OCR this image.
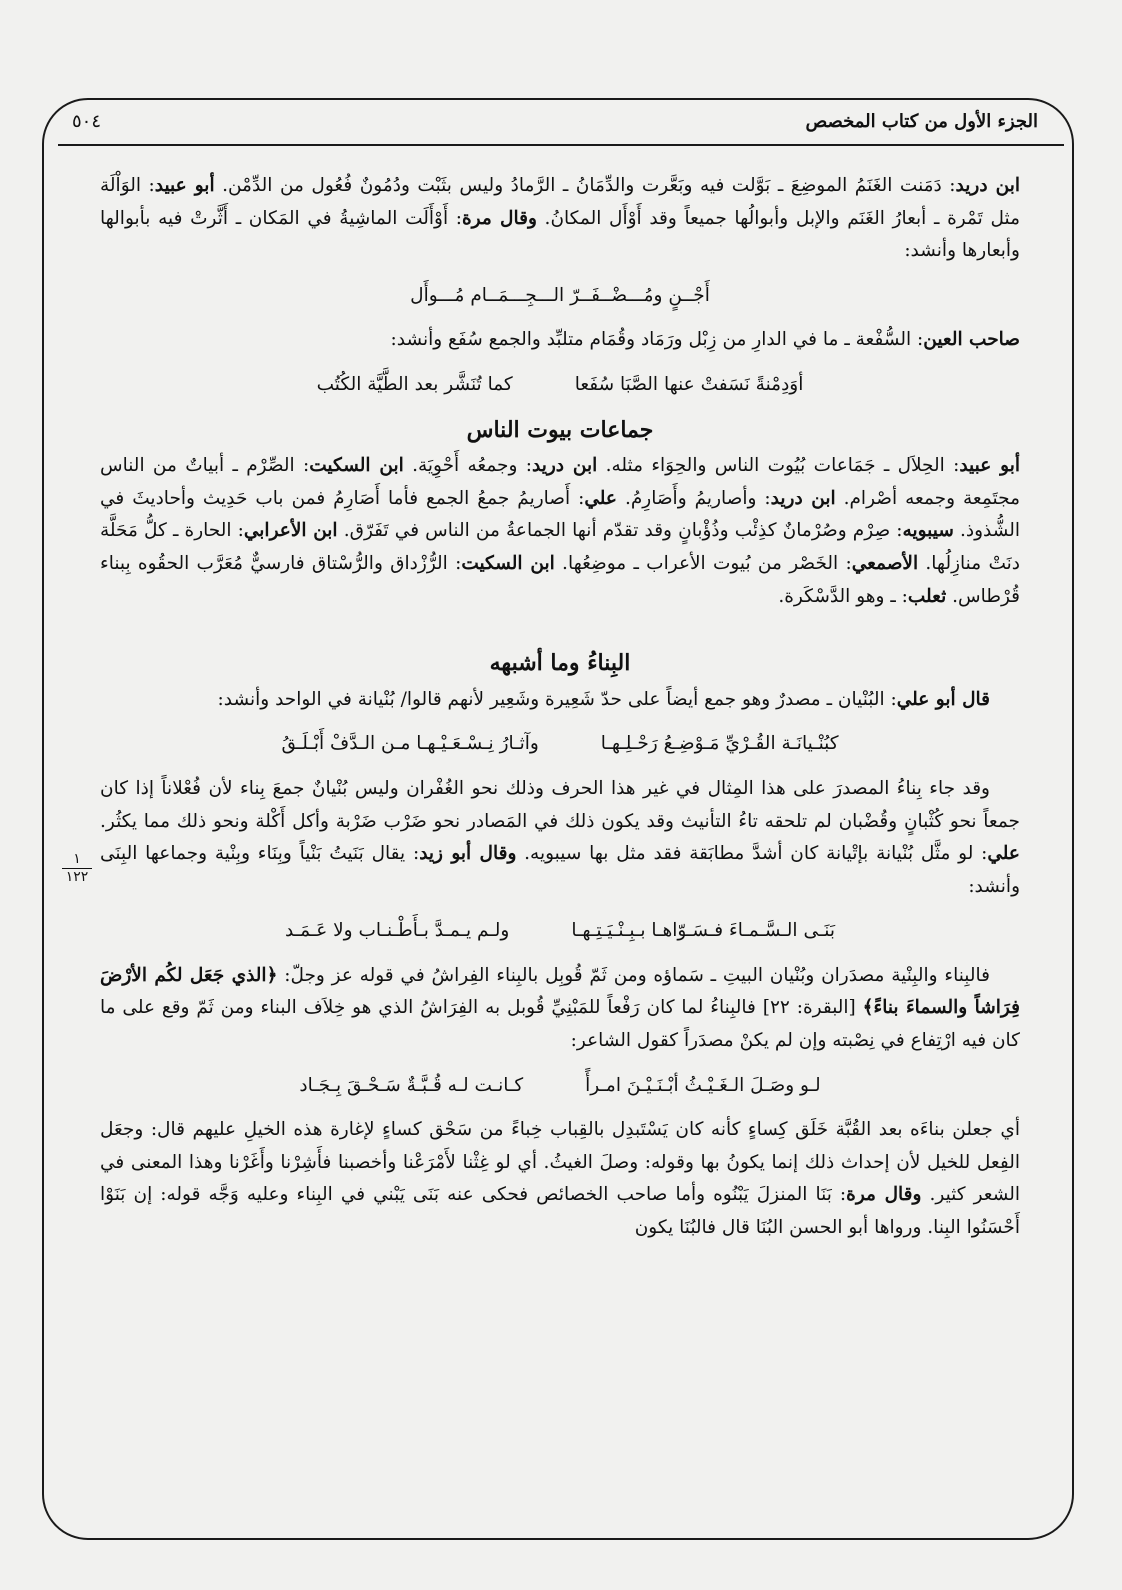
٥٠٤	الجزء الأول من كتاب المخصص
١
١٢٢

ابن دريد: دَمَنت الغَنَمُ الموضِعَ ـ بَوَّلت فيه وبَعَّرت والدِّمَانُ ـ الرَّمادُ وليس بثَبْت ودُمُونٌ فُعُول من الدِّمْن. أبو عبيد: الوَاْلَة مثل تَمْرة ـ أبعارُ الغَنَم والإبل وأبوالُها جميعاً وقد أَوْأَل المكانُ. وقال مرة: أَوْأَلَت الماشِيةُ في المَكان ـ أَثَّرتْ فيه بأبوالها وأبعارها وأنشد:

أَجْــنٍ ومُـــضْــفَــرّ الـــجِـــمَــام مُـــوأَل

صاحب العين: السُّفْعة ـ ما في الدارِ من زِبْل ورَمَاد وقُمَام متلبِّد والجمع سُفَع وأنشد:

أوَدِمْنةً نَسَفتْ عنها الصَّبَا سُفَعا
كما تُنَشَّر بعد الطَّيَّة الكُتُب
جماعات بيوت الناس

أبو عبيد: الحِلاَل ـ جَمَاعات بُيُوت الناس والحِوَاء مثله. ابن دريد: وجمعُه أَحْوِيَة. ابن السكيت: الصِّرْم ـ أبياتٌ من الناس مجتَمِعة وجمعه أصْرام. ابن دريد: وأصاريمُ وأَصَارِمُ. علي: أَصاريمُ جمعُ الجمع فأما أَصَارِمُ فمن باب حَدِيث وأحاديثَ في الشُّذوذ. سيبويه: صِرْم وصُرْمانٌ كذِئْب وذُؤْبانٍ وقد تقدّم أنها الجماعةُ من الناس في تَفَرّق. ابن الأعرابي: الحارة ـ كلُّ مَحَلَّة دنَتْ منازِلُها. الأصمعي: الخَصْر من بُيوت الأعراب ـ موضِعُها. ابن السكيت: الرُّزْداق والرُّسْتاق فارسيٌّ مُعَرَّب الحقُوه بِبناء قُرْطاس. ثعلب: ـ وهو الدَّسْكَرة.

البِناءُ وما أشبهه

قال أبو علي: البُنْيان ـ مصدرٌ وهو جمع أيضاً على حدّ شَعِيرة وشَعِير لأنهم قالوا/ بُنْيانة في الواحد وأنشد:

كبُنْـيانَـة القُـرْيِّ مَـوْضِـعُ رَحْـلِـهـا
وآثـارُ نِـسْـعَـيْـهـا مـن الـدَّفْ أَبْـلَـقُ

وقد جاء بِناءُ المصدرَ على هذا المِثال في غير هذا الحرف وذلك نحو الغُفْران وليس بُنْيانٌ جمعَ بِناء لأن فُعْلاناً إذا كان جمعاً نحو كُثْبانٍ وقُضْبان لم تلحقه تاءُ التأنيث وقد يكون ذلك في المَصادر نحو ضَرْب ضَرْبة وأكل أَكْلة ونحو ذلك مما يكثُر. علي: لو مثَّل بُنْيانة بإتْيانة كان أشدَّ مطابَقة فقد مثل بها سيبويه. وقال أبو زيد: يقال بَنَيتُ بَنْياً وبِنَاء وبِنْية وجماعها البِنَى وأنشد:

بَنَـى الـسَّـمـاءَ فـسَـوّاهـا بـبِـنْـيَـتِـهـا
ولـم يـمـدَّ بـأَطْـنـاب ولا عَـمَـد

فالبِناء والبِنْية مصدَران وبُنْيان البيتِ ـ سَماؤه ومن ثَمّ قُوبِل بالبِناء الفِراشُ في قوله عز وجلّ: ﴿الذي جَعَل لكُم الأرْضَ فِرَاشاً والسماءَ بناءً﴾ [البقرة: ٢٢] فالبِناءُ لما كان رَفْعاً للمَبْنِيِّ قُوبل به الفِرَاشُ الذي هو خِلاَف البناء ومن ثَمّ وقع على ما كان فيه ارْتِفاع في نِصْبته وإن لم يكنْ مصدَراً كقول الشاعر:

لـو وصَـلَ الـغَـيْـثُ أبْـنَـيْـنَ امـرأً
كـانـت لـه قُـبَّـةٌ سَـحْـقَ بِـجَـاد

أي جعلن بناءَه بعد القُبَّة خَلَق كِساءٍ كأنه كان يَسْتَبدِل بالقِباب خِباءً من سَحْق كساءٍ لإغارة هذه الخيلِ عليهم قال: وجعَل الفِعل للخيل لأن إحداث ذلك إنما يكونُ بها وقوله: وصلَ الغيثُ. أي لو غِثْنا لأَمْرَعْنا وأخصبنا فأَشِرْنا وأَغَرْنا وهذا المعنى في الشعر كثير. وقال مرة: بَنَا المنزلَ يَبْنُوه وأما صاحب الخصائص فحكى عنه بَنَى يَبْني في البِناء وعليه وَجَّه قوله: إن بَنَوْا أَحْسَنُوا البِنا. ورواها أبو الحسن البُنَا قال فالبُنَا يكون
